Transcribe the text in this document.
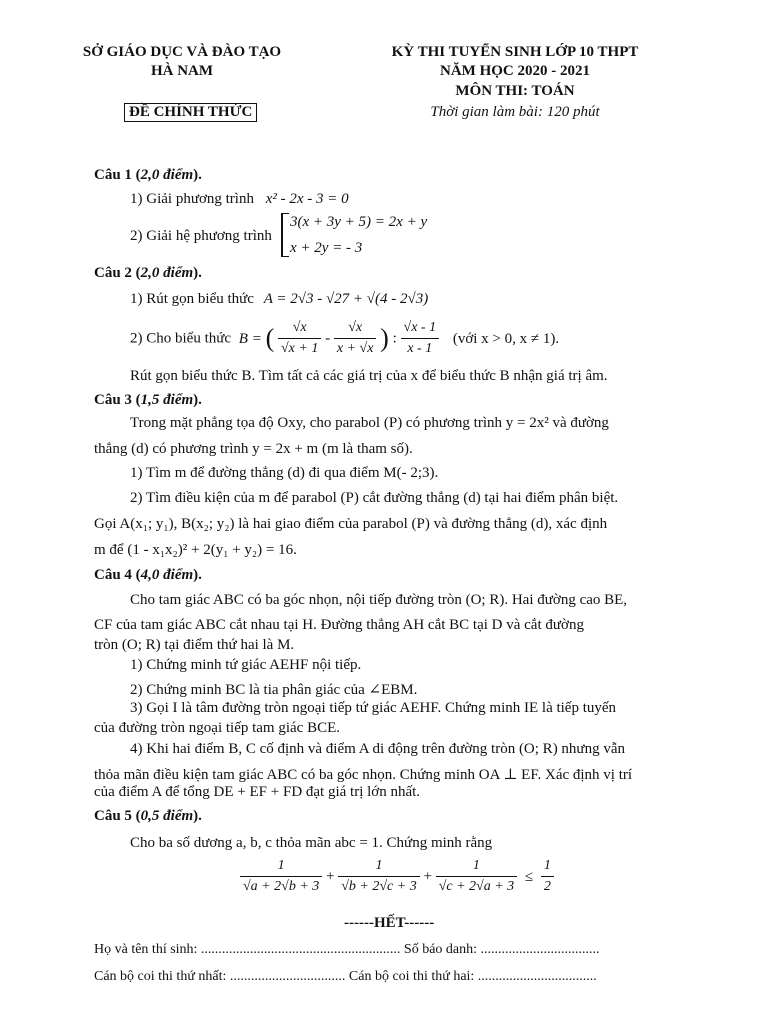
SỞ GIÁO DỤC VÀ ĐÀO TẠO
HÀ NAM
ĐỀ CHÍNH THỨC
KỲ THI TUYỂN SINH LỚP 10 THPT
NĂM HỌC 2020 - 2021
MÔN THI: TOÁN
Thời gian làm bài: 120 phút
Câu 1 (2,0 điểm).
1) Giải phương trình x² - 2x - 3 = 0
2) Giải hệ phương trình
3(x + 3y + 5) = 2x + y
x + 2y = - 3
Câu 2 (2,0 điểm).
1) Rút gọn biểu thức A = 2√3 - √27 + √(4 - 2√3)
2) Cho biểu thức B = ( $\frac{√x}{√x + 1} - \frac{√x}{x + √x}$ ) : $\frac{√x - 1}{x - 1}$ (với x > 0, x ≠ 1).
Rút gọn biểu thức B. Tìm tất cả các giá trị của x để biểu thức B nhận giá trị âm.
Câu 3 (1,5 điểm).
Trong mặt phẳng tọa độ Oxy, cho parabol (P) có phương trình y = 2x² và đường
thẳng (d) có phương trình y = 2x + m (m là tham số).
1) Tìm m để đường thẳng (d) đi qua điểm M(- 2;3).
2) Tìm điều kiện của m để parabol (P) cắt đường thẳng (d) tại hai điểm phân biệt.
Gọi A(x₁; y₁), B(x₂; y₂) là hai giao điểm của parabol (P) và đường thẳng (d), xác định
m để (1 - x₁x₂)² + 2(y₁ + y₂) = 16.
Câu 4 (4,0 điểm).
Cho tam giác ABC có ba góc nhọn, nội tiếp đường tròn (O; R). Hai đường cao BE,
CF của tam giác ABC cắt nhau tại H. Đường thẳng AH cắt BC tại D và cắt đường
tròn (O; R) tại điểm thứ hai là M.
1) Chứng minh tứ giác AEHF nội tiếp.
2) Chứng minh BC là tia phân giác của ∠EBM.
3) Gọi I là tâm đường tròn ngoại tiếp tứ giác AEHF. Chứng minh IE là tiếp tuyến
của đường tròn ngoại tiếp tam giác BCE.
4) Khi hai điểm B, C cố định và điểm A di động trên đường tròn (O; R) nhưng vẫn
thỏa mãn điều kiện tam giác ABC có ba góc nhọn. Chứng minh OA ⊥ EF. Xác định vị trí
của điểm A để tổng DE + EF + FD đạt giá trị lớn nhất.
Câu 5 (0,5 điểm).
Cho ba số dương a, b, c thỏa mãn abc = 1. Chứng minh rằng
$\frac{1}{√a + 2√b + 3} + \frac{1}{√b + 2√c + 3} + \frac{1}{√c + 2√a + 3} \le \frac{1}{2}$
------HẾT------
Họ và tên thí sinh: ......................................................... Số báo danh: ..................................
Cán bộ coi thi thứ nhất: ................................. Cán bộ coi thi thứ hai: ..................................
